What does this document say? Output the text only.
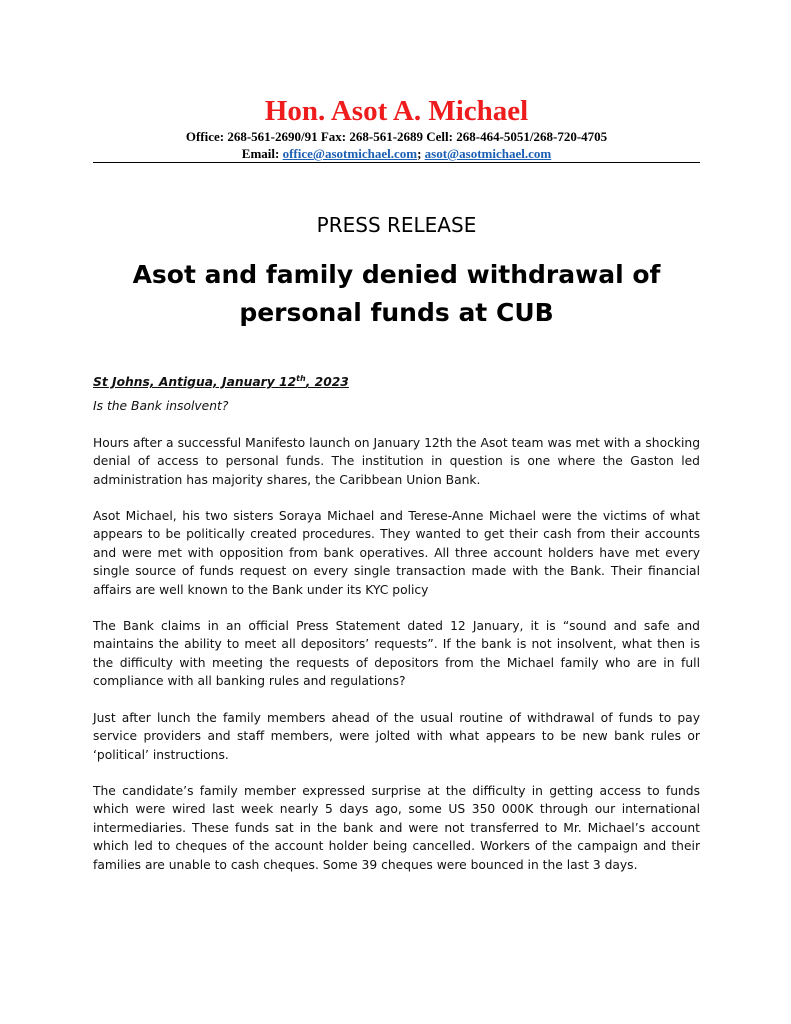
Hon. Asot A. Michael

Office: 268-561-2690/91 Fax: 268-561-2689 Cell: 268-464-5051/268-720-4705

Email: office@asotmichael.com; asot@asotmichael.com

PRESS RELEASE

Asot and family denied withdrawal of personal funds at CUB

St Johns, Antigua, January 12th, 2023

Is the Bank insolvent?

Hours after a successful Manifesto launch on January 12th the Asot team was met with a shocking denial of access to personal funds. The institution in question is one where the Gaston led administration has majority shares, the Caribbean Union Bank.

Asot Michael, his two sisters Soraya Michael and Terese-Anne Michael were the victims of what appears to be politically created procedures. They wanted to get their cash from their accounts and were met with opposition from bank operatives. All three account holders have met every single source of funds request on every single transaction made with the Bank. Their financial affairs are well known to the Bank under its KYC policy

The Bank claims in an official Press Statement dated 12 January, it is “sound and safe and maintains the ability to meet all depositors’ requests”. If the bank is not insolvent, what then is the difficulty with meeting the requests of depositors from the Michael family who are in full compliance with all banking rules and regulations?

Just after lunch the family members ahead of the usual routine of withdrawal of funds to pay service providers and staff members, were jolted with what appears to be new bank rules or ‘political’ instructions.

The candidate’s family member expressed surprise at the difficulty in getting access to funds which were wired last week nearly 5 days ago, some US 350 000K through our international intermediaries. These funds sat in the bank and were not transferred to Mr. Michael’s account which led to cheques of the account holder being cancelled. Workers of the campaign and their families are unable to cash cheques. Some 39 cheques were bounced in the last 3 days.
